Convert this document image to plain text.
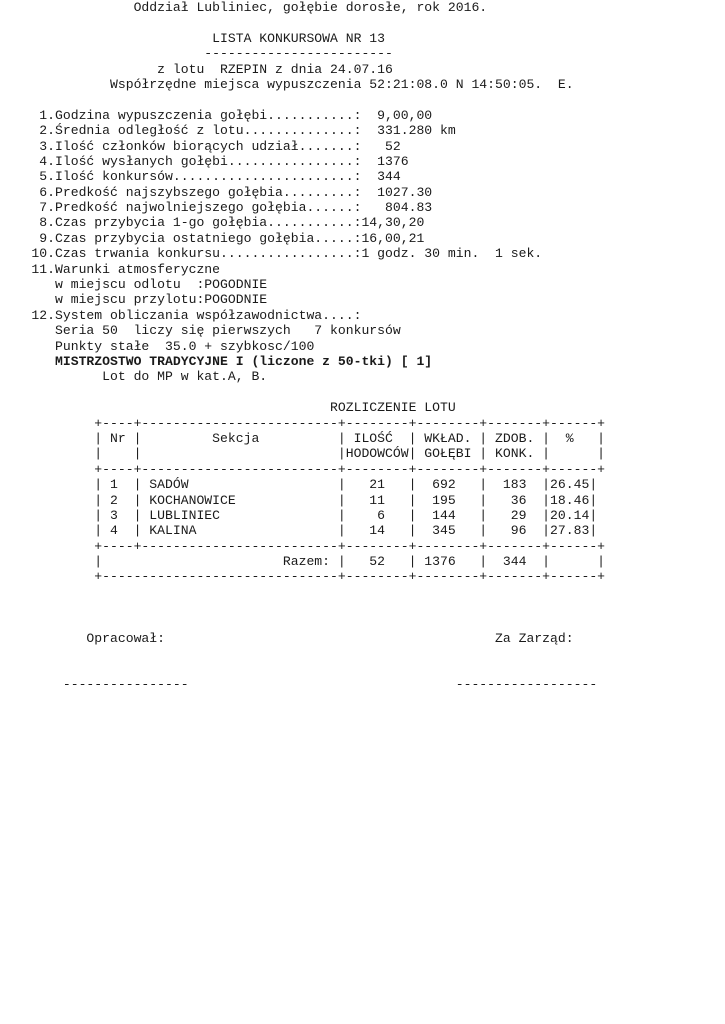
Oddział Lubliniec, gołębie dorosłe, rok 2016.
LISTA KONKURSOWA NR 13
------------------------
z lotu  RZEPIN z dnia 24.07.16
Współrzędne miejsca wypuszczenia 52:21:08.0 N 14:50:05.  E.
1.Godzina wypuszczenia gołębi...........:  9,00,00
2.Średnia odległość z lotu..............:  331.280 km
3.Ilość członków biorących udział.......:   52
4.Ilość wysłanych gołębi................:  1376
5.Ilość konkursów.......................:  344
6.Predkość najszybszego gołębia.........:  1027.30
7.Predkość najwolniejszego gołębia......:   804.83
8.Czas przybycia 1-go gołębia...........:14,30,20
9.Czas przybycia ostatniego gołębia.....:16,00,21
10.Czas trwania konkursu.................:1 godz. 30 min.  1 sek.
11.Warunki atmosferyczne
w miejscu odlotu  :POGODNIE
w miejscu przylotu:POGODNIE
12.System obliczania współzawodnictwa....:
Seria 50  liczy się pierwszych   7 konkursów
Punkty stałe  35.0 + szybkosc/100
MISTRZOSTWO TRADYCYJNE I (liczone z 50-tki) [ 1]
Lot do MP w kat.A, B.
ROZLICZENIE LOTU
+----+-------------------------+--------+--------+-------+------+
| Nr |         Sekcja          | ILOŚĆ  | WKŁAD. | ZDOB. |  %   |
|    |                         |HODOWCÓW| GOŁĘBI | KONK. |      |
+----+-------------------------+--------+--------+-------+------+
| 1  | SADÓW                   |   21   |  692   |  183  |26.45|
| 2  | KOCHANOWICE             |   11   |  195   |   36  |18.46|
| 3  | LUBLINIEC               |    6   |  144   |   29  |20.14|
| 4  | KALINA                  |   14   |  345   |   96  |27.83|
+----+-------------------------+--------+--------+-------+------+
|                       Razem: |   52   | 1376   |  344  |      |
+------------------------------+--------+--------+-------+------+
Opracował:                                          Za Zarząd:
----------------                                  ------------------
